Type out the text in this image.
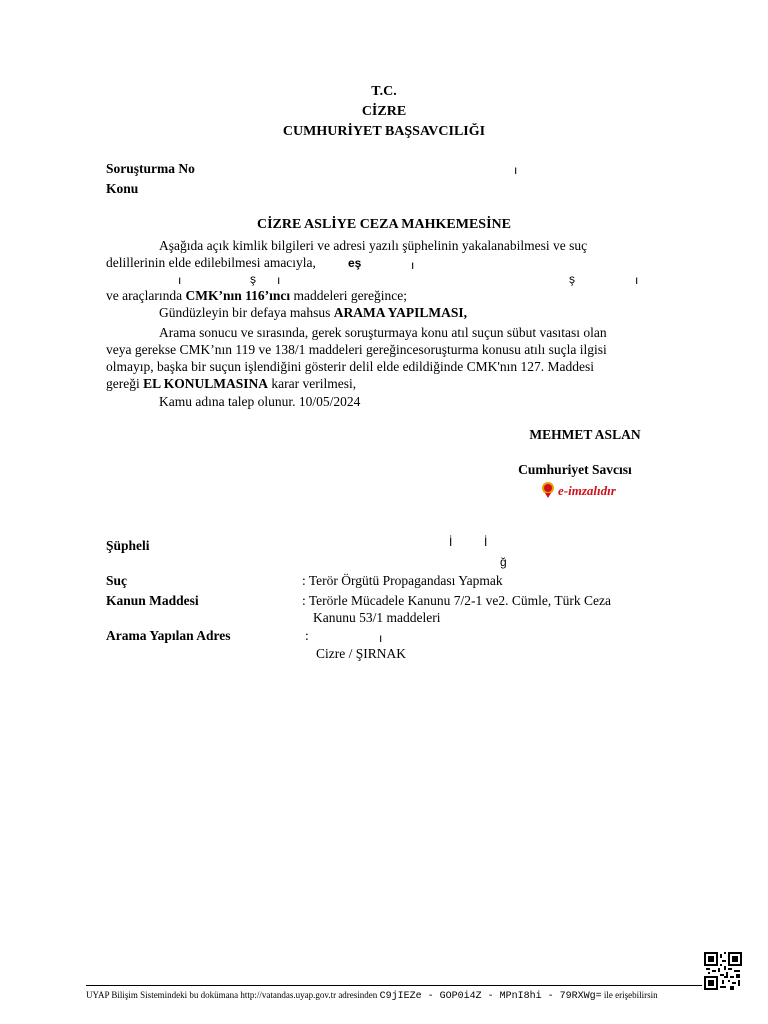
T.C.
CİZRE
CUMHURİYET BAŞSAVCILIĞI
Soruşturma No	ı
Konu
CİZRE ASLİYE CEZA MAHKEMESİNE
Aşağıda açık kimlik bilgileri ve adresi yazılı şüphelinin yakalanabilmesi ve suç
delillerinin elde edilebilmesi amacıyla,	eş	ı
ı	ş ı	ş	ı
ve araçlarında CMK’nın 116’ıncı maddeleri gereğince;
Gündüzleyin bir defaya mahsus ARAMA YAPILMASI,
Arama sonucu ve sırasında, gerek soruşturmaya konu atıl suçun sübut vasıtası olan
veya gerekse CMK’nın 119 ve 138/1 maddeleri gereğincesoruşturma konusu atılı suçla ilgisi
olmayıp, başka bir suçun işlendiğini gösterir delil elde edildiğinde CMK'nın 127. Maddesi
gereği EL KONULMASINA karar verilmesi,
Kamu adına talep olunur. 10/05/2024
MEHMET ASLAN
Cumhuriyet Savcısı
e-imzalıdır
Şüpheli	İ	İ
ğ
Suç	: Terör Örgütü Propagandası Yapmak
Kanun Maddesi	: Terörle Mücadele Kanunu 7/2-1 ve2. Cümle, Türk Ceza
Kanunu 53/1 maddeleri
Arama Yapılan Adres	:	ı
Cizre / ŞIRNAK
UYAP Bilişim Sistemindeki bu dokümana http://vatandas.uyap.gov.tr adresinden C9jIEZe - GOP0i4Z - MPnI8hi - 79RXWg= ile erişebilirsin
